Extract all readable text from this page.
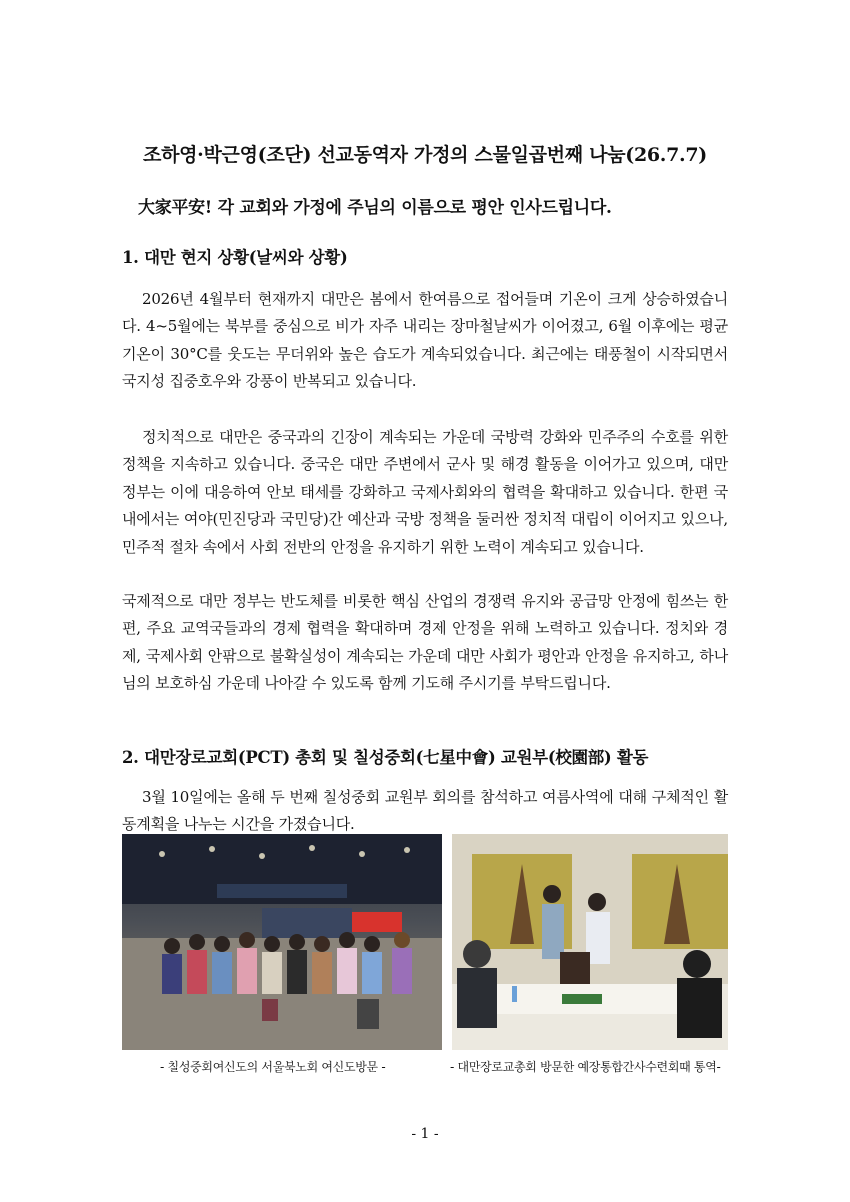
조하영·박근영(조단) 선교동역자 가정의 스물일곱번째 나눔(26.7.7)
大家平安! 각 교회와 가정에 주님의 이름으로 평안 인사드립니다.
1. 대만 현지 상황(날씨와 상황)

2026년 4월부터 현재까지 대만은 봄에서 한여름으로 접어들며 기온이 크게 상승하였습니다. 4~5월에는 북부를 중심으로 비가 자주 내리는 장마철날씨가 이어졌고, 6월 이후에는 평균 기온이 30°C를 웃도는 무더위와 높은 습도가 계속되었습니다. 최근에는 태풍철이 시작되면서 국지성 집중호우와 강풍이 반복되고 있습니다.

정치적으로 대만은 중국과의 긴장이 계속되는 가운데 국방력 강화와 민주주의 수호를 위한 정책을 지속하고 있습니다. 중국은 대만 주변에서 군사 및 해경 활동을 이어가고 있으며, 대만 정부는 이에 대응하여 안보 태세를 강화하고 국제사회와의 협력을 확대하고 있습니다. 한편 국내에서는 여야(민진당과 국민당)간 예산과 국방 정책을 둘러싼 정치적 대립이 이어지고 있으나, 민주적 절차 속에서 사회 전반의 안정을 유지하기 위한 노력이 계속되고 있습니다.

국제적으로 대만 정부는 반도체를 비롯한 핵심 산업의 경쟁력 유지와 공급망 안정에 힘쓰는 한편, 주요 교역국들과의 경제 협력을 확대하며 경제 안정을 위해 노력하고 있습니다. 정치와 경제, 국제사회 안팎으로 불확실성이 계속되는 가운데 대만 사회가 평안과 안정을 유지하고, 하나님의 보호하심 가운데 나아갈 수 있도록 함께 기도해 주시기를 부탁드립니다.

2. 대만장로교회(PCT) 총회 및 칠성중회(七星中會) 교원부(校園部) 활동

3월 10일에는 올해 두 번째 칠성중회 교원부 회의를 참석하고 여름사역에 대해 구체적인 활동계획을 나누는 시간을 가졌습니다.

- 칠성중회여신도의 서울북노회 여신도방문 -	- 대만장로교총회 방문한 예장통합간사수련회때 통역-
- 1 -
